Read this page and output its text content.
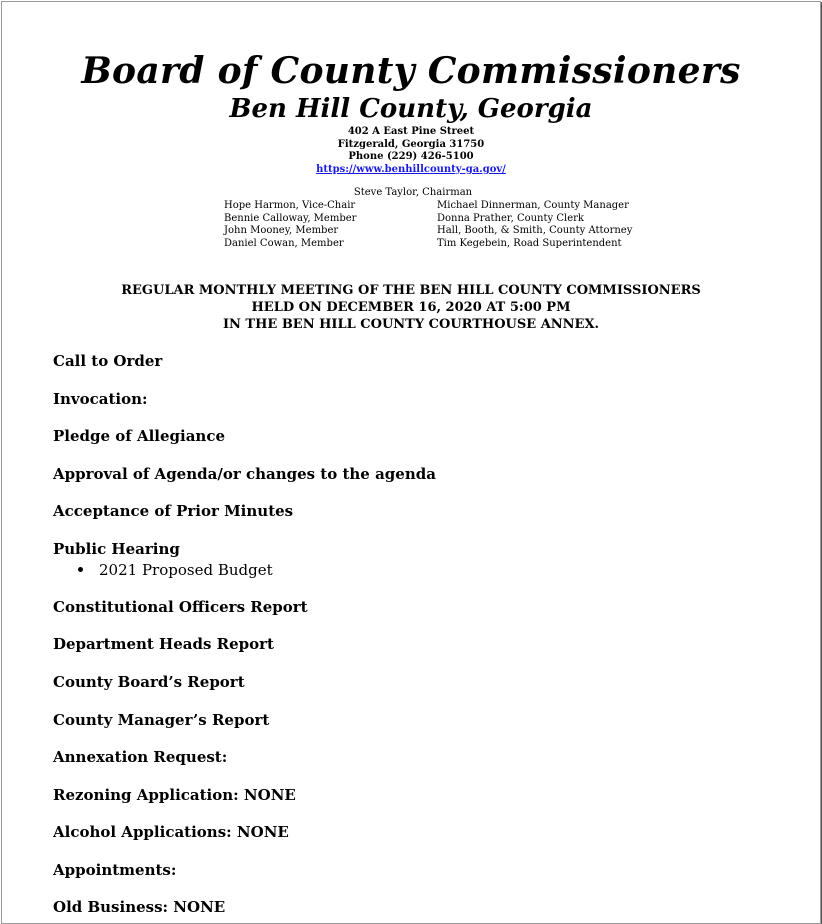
Board of County Commissioners
Ben Hill County, Georgia
402 A East Pine Street
Fitzgerald, Georgia 31750
Phone (229) 426-5100
https://www.benhillcounty-ga.gov/
Steve Taylor, Chairman
Hope Harmon, Vice-Chair
Bennie Calloway, Member
John Mooney, Member
Daniel Cowan, Member
Michael Dinnerman, County Manager
Donna Prather, County Clerk
Hall, Booth, & Smith, County Attorney
Tim Kegebein, Road Superintendent
REGULAR MONTHLY MEETING OF THE BEN HILL COUNTY COMMISSIONERS
HELD ON DECEMBER 16, 2020 AT 5:00 PM
IN THE BEN HILL COUNTY COURTHOUSE ANNEX.
Call to Order
Invocation:
Pledge of Allegiance
Approval of Agenda/or changes to the agenda
Acceptance of Prior Minutes
Public Hearing
2021 Proposed Budget
Constitutional Officers Report
Department Heads Report
County Board’s Report
County Manager’s Report
Annexation Request:
Rezoning Application: NONE
Alcohol Applications: NONE
Appointments:
Old Business: NONE
